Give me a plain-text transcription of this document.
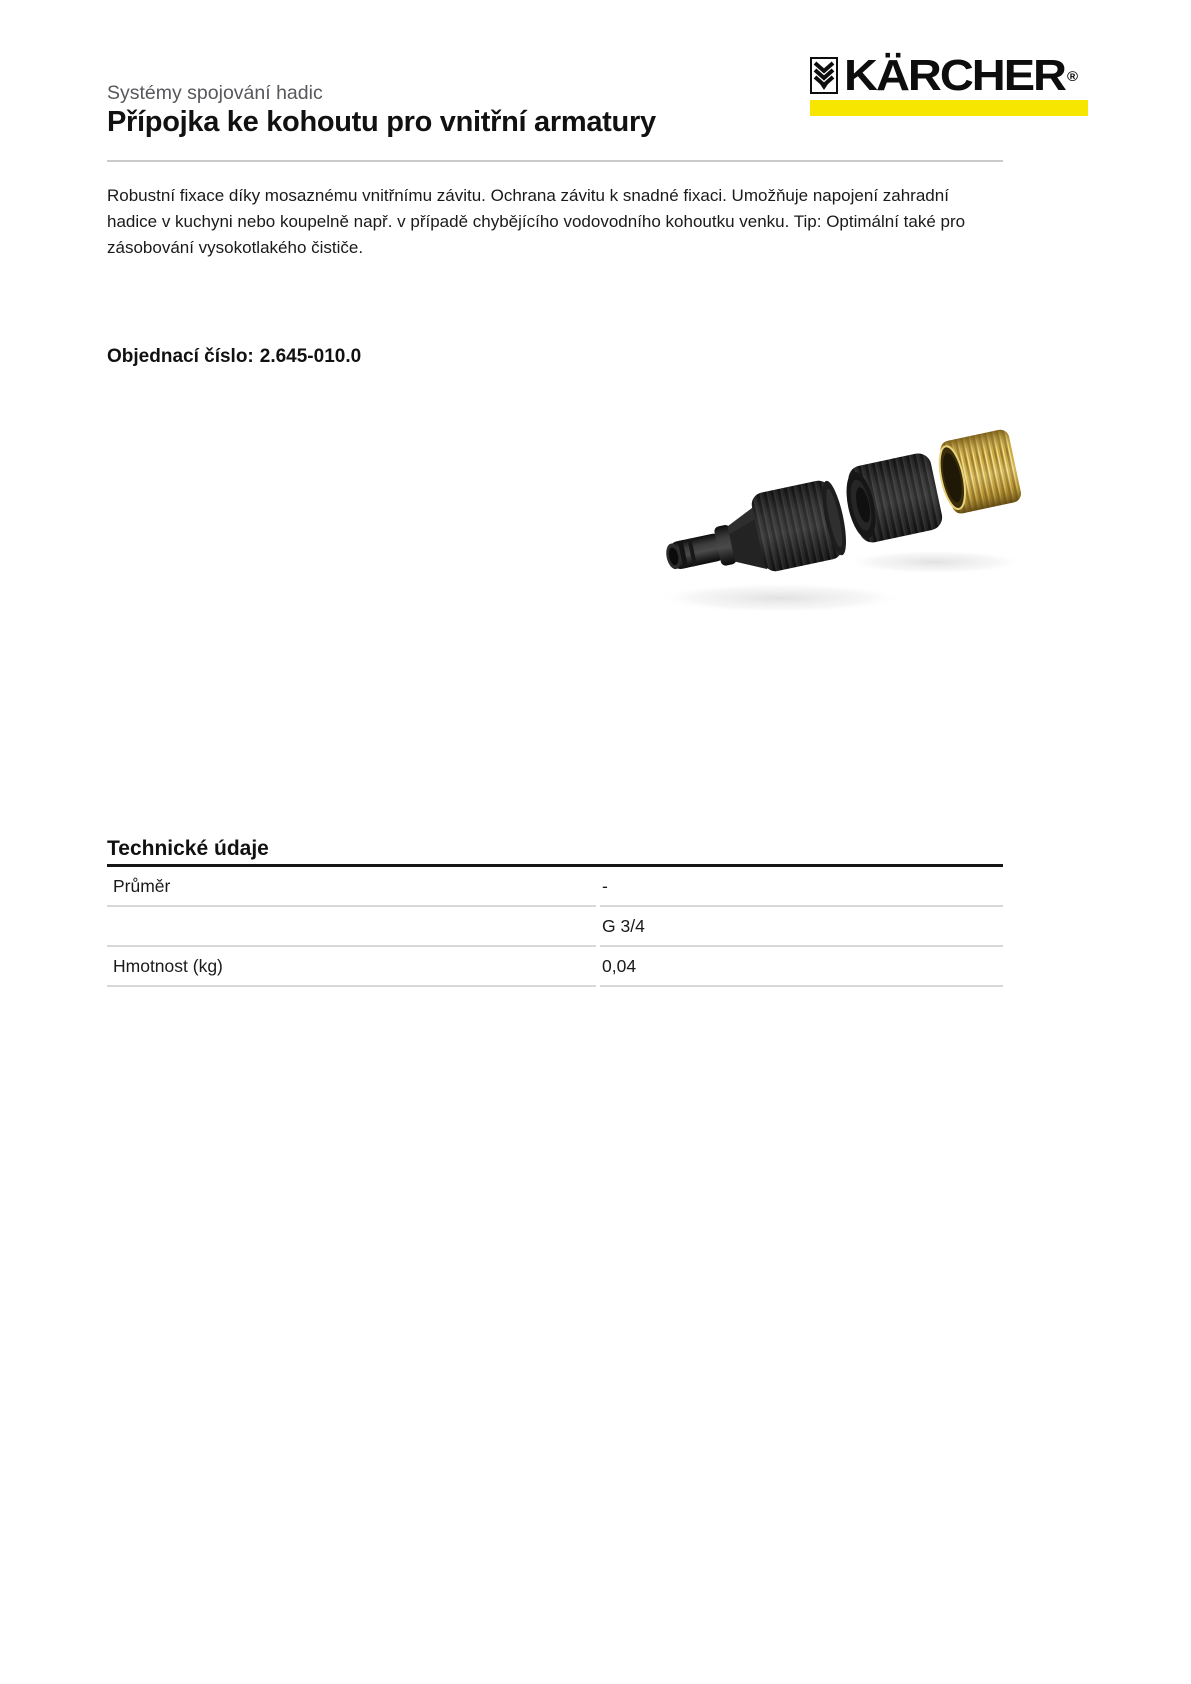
KÄRCHER ®
Systémy spojování hadic
Přípojka ke kohoutu pro vnitřní armatury

Robustní fixace díky mosaznému vnitřnímu závitu. Ochrana závitu k snadné fixaci. Umožňuje napojení zahradní hadice v kuchyni nebo koupelně např. v případě chybějícího vodovodního kohoutku venku. Tip: Optimální také pro zásobování vysokotlakého čističe.

Objednací číslo: 2.645-010.0
Technické údaje
Průměr	-
G 3/4
Hmotnost (kg)	0,04
